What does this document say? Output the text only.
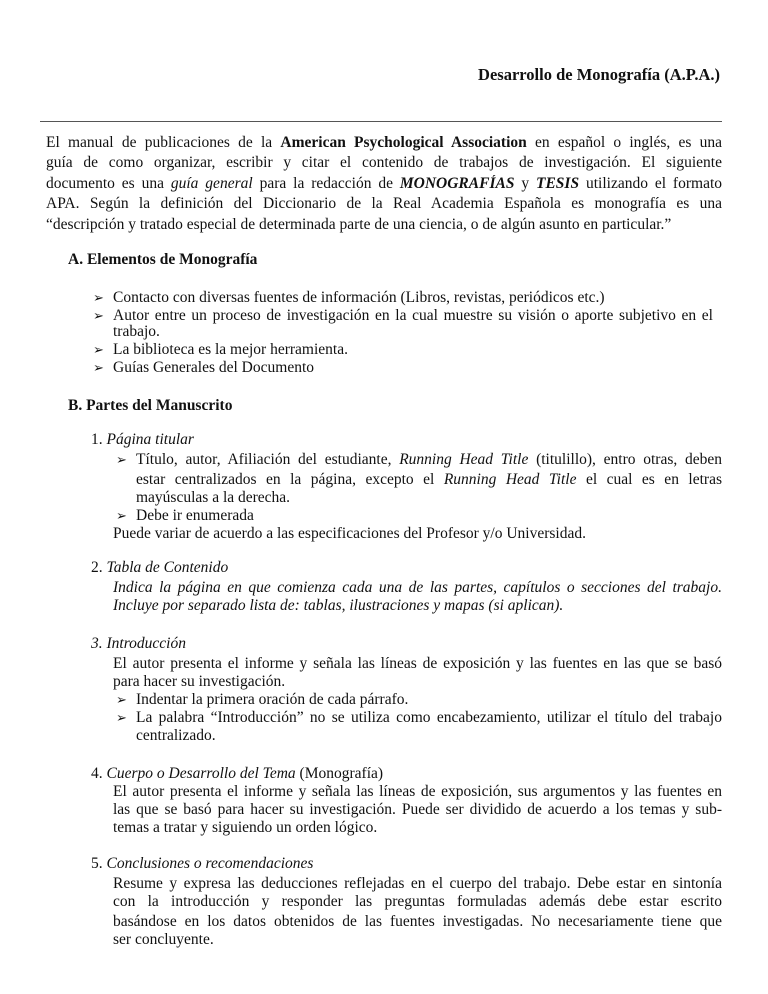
Desarrollo de Monografía (A.P.A.)
El manual de publicaciones de la American Psychological Association en español o inglés, es una
guía de como organizar, escribir y citar el contenido de trabajos de investigación. El siguiente
documento es una guía general para la redacción de MONOGRAFÍAS y TESIS utilizando el formato
APA. Según la definición del Diccionario de la Real Academia Española es monografía es una
“descripción y tratado especial de determinada parte de una ciencia, o de algún asunto en particular.”
A. Elementos de Monografía
Contacto con diversas fuentes de información (Libros, revistas, periódicos etc.)
➢
Autor entre un proceso de investigación en la cual muestre su visión o aporte subjetivo en el
➢
trabajo.
La biblioteca es la mejor herramienta.
➢
Guías Generales del Documento
➢
B. Partes del Manuscrito
1. Página titular
Título, autor, Afiliación del estudiante, Running Head Title (titulillo), entro otras, deben
➢
estar centralizados en la página, excepto el Running Head Title el cual es en letras
mayúsculas a la derecha.
Debe ir enumerada
➢
Puede variar de acuerdo a las especificaciones del Profesor y/o Universidad.
2. Tabla de Contenido
Indica la página en que comienza cada una de las partes, capítulos o secciones del trabajo.
Incluye por separado lista de: tablas, ilustraciones y mapas (si aplican).
3. Introducción
El autor presenta el informe y señala las líneas de exposición y las fuentes en las que se basó
para hacer su investigación.
Indentar la primera oración de cada párrafo.
➢
La palabra “Introducción” no se utiliza como encabezamiento, utilizar el título del trabajo
➢
centralizado.
4. Cuerpo o Desarrollo del Tema (Monografía)
El autor presenta el informe y señala las líneas de exposición, sus argumentos y las fuentes en
las que se basó para hacer su investigación. Puede ser dividido de acuerdo a los temas y sub-
temas a tratar y siguiendo un orden lógico.
5. Conclusiones o recomendaciones
Resume y expresa las deducciones reflejadas en el cuerpo del trabajo. Debe estar en sintonía
con la introducción y responder las preguntas formuladas además debe estar escrito
basándose en los datos obtenidos de las fuentes investigadas. No necesariamente tiene que
ser concluyente.
